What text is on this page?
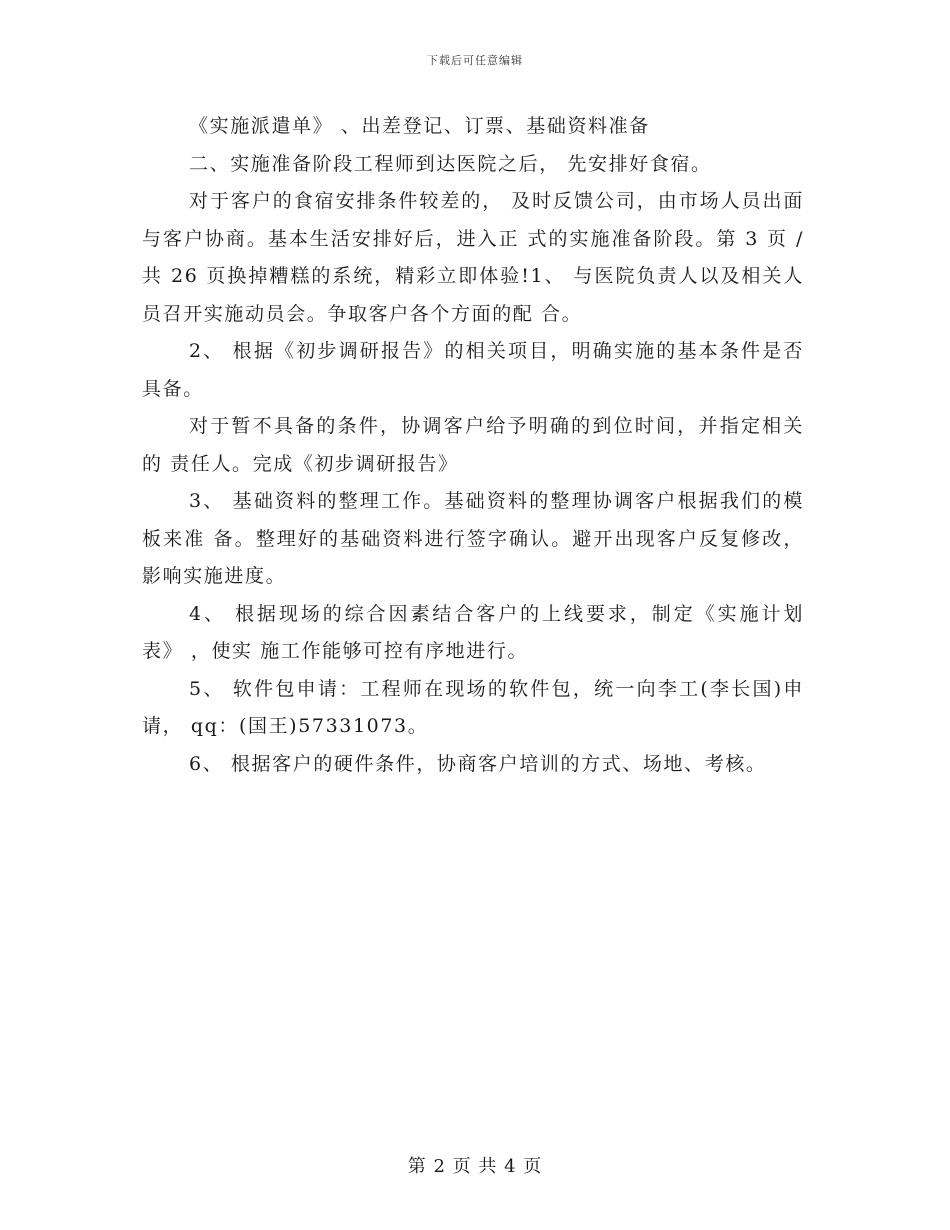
下载后可任意编辑

《实施派遣单》 、出差登记、订票、基础资料准备

二、实施准备阶段工程师到达医院之后， 先安排好食宿。

对于客户的食宿安排条件较差的， 及时反馈公司，由市场人员出面与客户协商。基本生活安排好后，进入正 式的实施准备阶段。第 3 页 /共 26 页换掉糟糕的系统，精彩立即体验!1、 与医院负责人以及相关人员召开实施动员会。争取客户各个方面的配 合。

2、 根据《初步调研报告》的相关项目，明确实施的基本条件是否具备。

对于暂不具备的条件，协调客户给予明确的到位时间，并指定相关的 责任人。完成《初步调研报告》

3、 基础资料的整理工作。基础资料的整理协调客户根据我们的模板来准 备。整理好的基础资料进行签字确认。避开出现客户反复修改，影响实施进度。

4、 根据现场的综合因素结合客户的上线要求，制定《实施计划表》 ，使实 施工作能够可控有序地进行。

5、 软件包申请：工程师在现场的软件包，统一向李工(李长国)申请， qq：(国王)57331073。

6、 根据客户的硬件条件，协商客户培训的方式、场地、考核。

第 2 页 共 4 页
